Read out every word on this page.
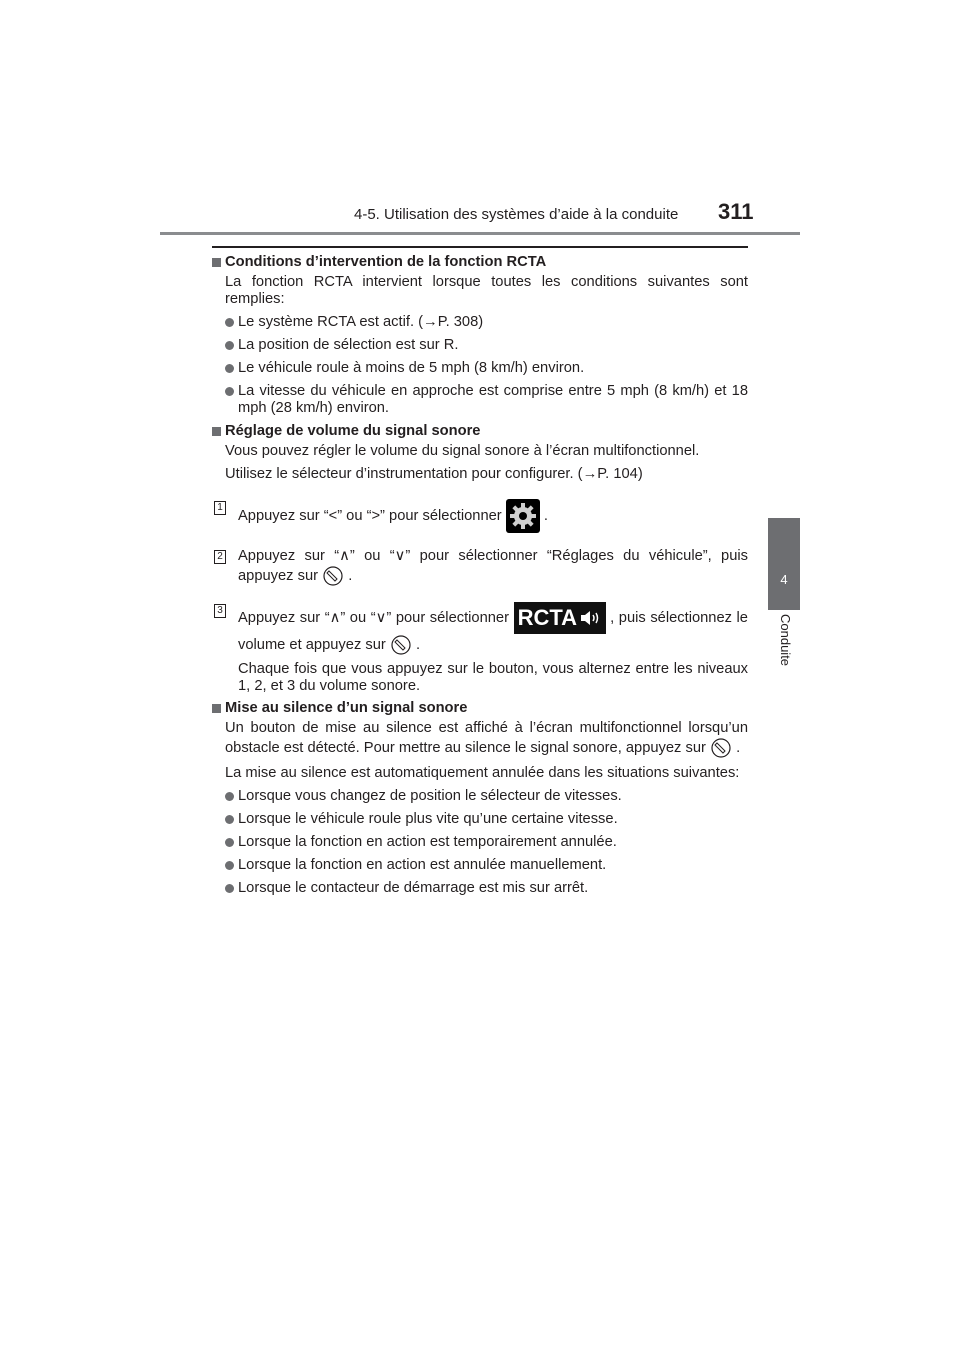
4-5. Utilisation des systèmes d’aide à la conduite 311
4
Conduite
Conditions d’intervention de la fonction RCTA
La fonction RCTA intervient lorsque toutes les conditions suivantes sont remplies:
Le système RCTA est actif. (→P. 308)
La position de sélection est sur R.
Le véhicule roule à moins de 5 mph (8 km/h) environ.
La vitesse du véhicule en approche est comprise entre 5 mph (8 km/h) et 18 mph (28 km/h) environ.
Réglage de volume du signal sonore
Vous pouvez régler le volume du signal sonore à l’écran multifonctionnel.
Utilisez le sélecteur d’instrumentation pour configurer. (→P. 104)
1
Appuyez sur “<” ou “>” pour sélectionner	.
2 Appuyez sur “∧” ou “∨” pour sélectionner “Réglages du véhicule”, puis appuyez sur .
3 Appuyez sur “∧” ou “∨” pour sélectionner RCTA , puis sélectionnez le volume et appuyez sur .
Chaque fois que vous appuyez sur le bouton, vous alternez entre les niveaux 1, 2, et 3 du volume sonore.
Mise au silence d’un signal sonore
Un bouton de mise au silence est affiché à l’écran multifonctionnel lorsqu’un obstacle est détecté. Pour mettre au silence le signal sonore, appuyez sur .
La mise au silence est automatiquement annulée dans les situations suivantes:
Lorsque vous changez de position le sélecteur de vitesses.
Lorsque le véhicule roule plus vite qu’une certaine vitesse.
Lorsque la fonction en action est temporairement annulée.
Lorsque la fonction en action est annulée manuellement.
Lorsque le contacteur de démarrage est mis sur arrêt.
